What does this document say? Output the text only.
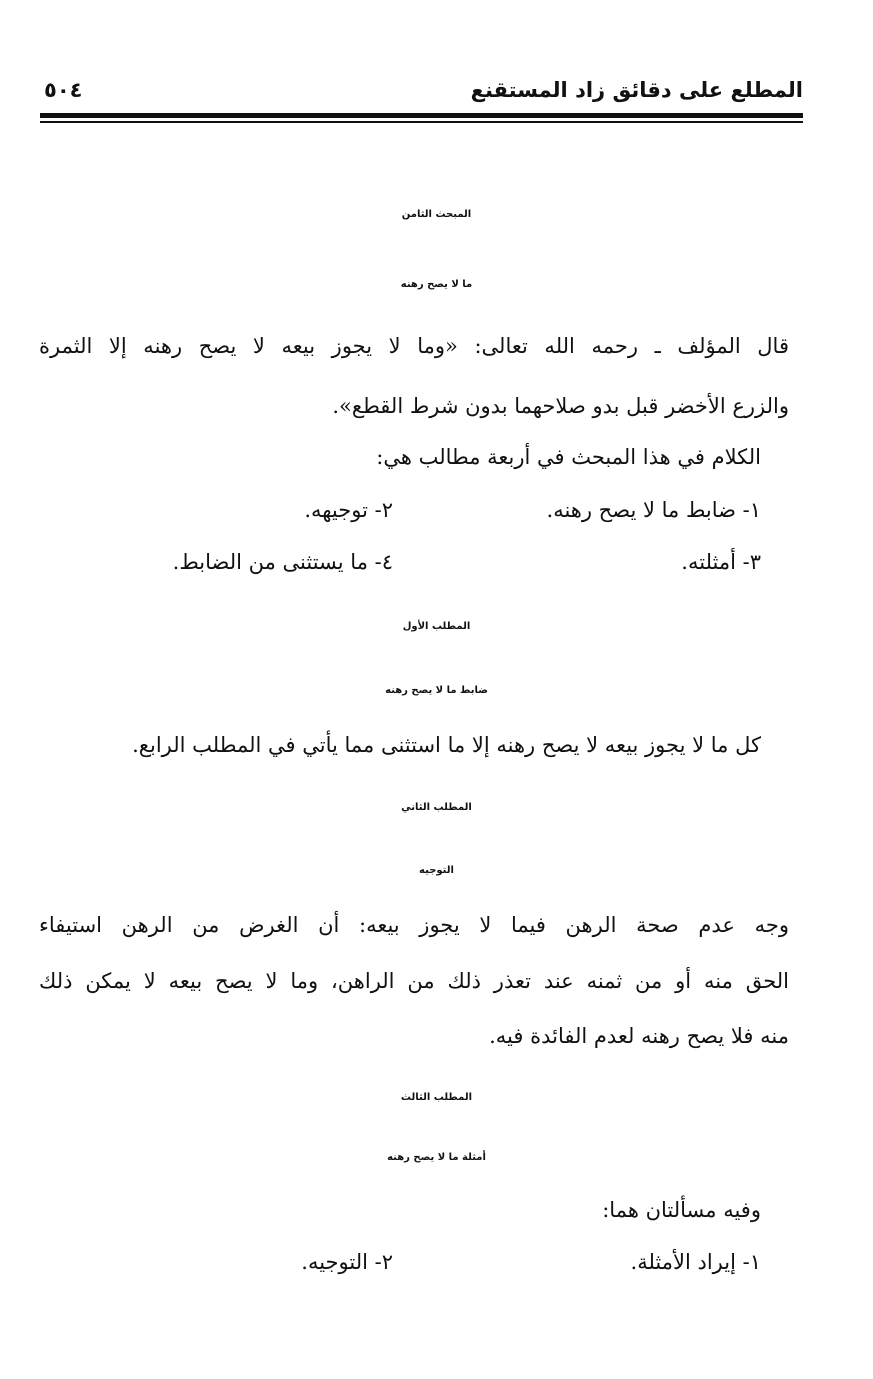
المطلع على دقائق زاد المستقنع
٥٠٤
المبحث الثامن
ما لا يصح رهنه
قال المؤلف ـ رحمه الله تعالى: «وما لا يجوز بيعه لا يصح رهنه إلا الثمرة
والزرع الأخضر قبل بدو صلاحهما بدون شرط القطع».
الكلام في هذا المبحث في أربعة مطالب هي:
١- ضابط ما لا يصح رهنه.
٢- توجيهه.
٣- أمثلته.
٤- ما يستثنى من الضابط.
المطلب الأول
ضابط ما لا يصح رهنه
كل ما لا يجوز بيعه لا يصح رهنه إلا ما استثنى مما يأتي في المطلب الرابع.
المطلب الثاني
التوجيه
وجه عدم صحة الرهن فيما لا يجوز بيعه: أن الغرض من الرهن استيفاء
الحق منه أو من ثمنه عند تعذر ذلك من الراهن، وما لا يصح بيعه لا يمكن ذلك
منه فلا يصح رهنه لعدم الفائدة فيه.
المطلب الثالث
أمثلة ما لا يصح رهنه
وفيه مسألتان هما:
١- إيراد الأمثلة.
٢- التوجيه.
